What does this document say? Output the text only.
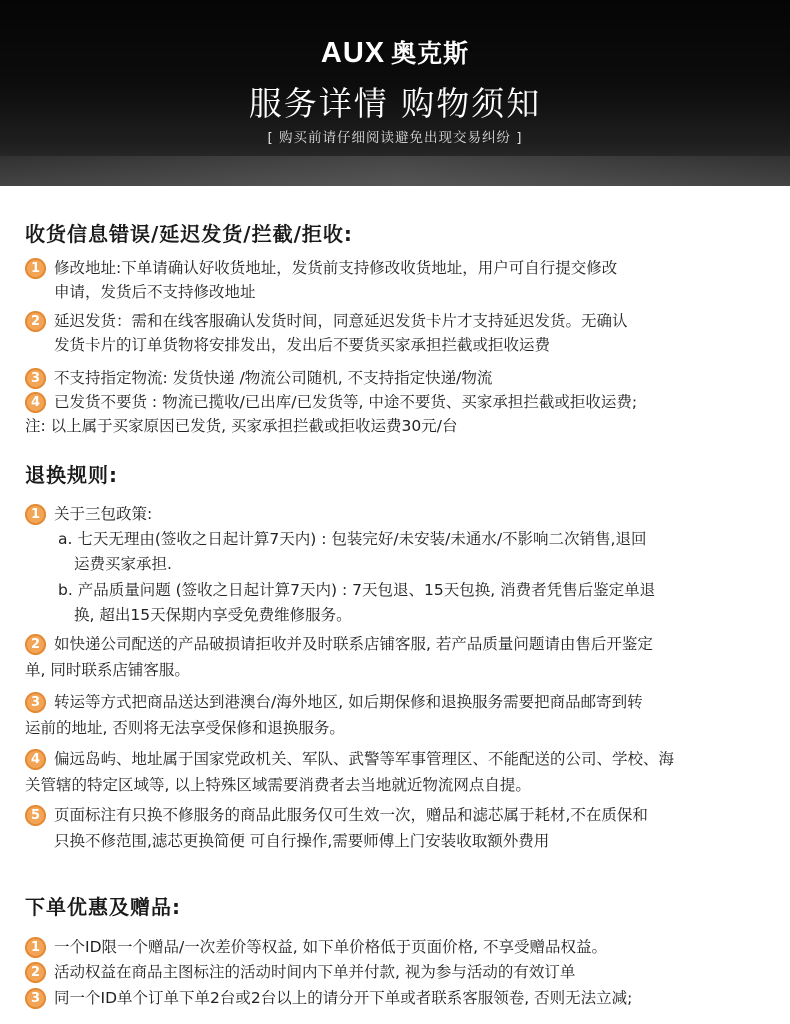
AUX 奥克斯
服务详情 购物须知
[ 购买前请仔细阅读避免出现交易纠纷 ]
收货信息错误/延迟发货/拦截/拒收:
1 修改地址:下单请确认好收货地址，发货前支持修改收货地址，用户可自行提交修改
申请，发货后不支持修改地址
2 延迟发货：需和在线客服确认发货时间，同意延迟发货卡片才支持延迟发货。无确认
发货卡片的订单货物将安排发出，发出后不要货买家承担拦截或拒收运费
3 不支持指定物流: 发货快递 /物流公司随机, 不支持指定快递/物流
4 已发货不要货 : 物流已揽收/已出库/已发货等, 中途不要货、买家承担拦截或拒收运费;
注: 以上属于买家原因已发货, 买家承担拦截或拒收运费30元/台
退换规则:
1 关于三包政策:
a. 七天无理由(签收之日起计算7天内) : 包装完好/未安装/未通水/不影响二次销售,退回
运费买家承担.
b. 产品质量问题 (签收之日起计算7天内) : 7天包退、15天包换, 消费者凭售后鉴定单退
换, 超出15天保期内享受免费维修服务。
2 如快递公司配送的产品破损请拒收并及时联系店铺客服, 若产品质量问题请由售后开鉴定
单, 同时联系店铺客服。
3 转运等方式把商品送达到港澳台/海外地区, 如后期保修和退换服务需要把商品邮寄到转
运前的地址, 否则将无法享受保修和退换服务。
4 偏远岛屿、地址属于国家党政机关、军队、武警等军事管理区、不能配送的公司、学校、海
关管辖的特定区域等, 以上特殊区域需要消费者去当地就近物流网点自提。
5 页面标注有只换不修服务的商品此服务仅可生效一次，赠品和滤芯属于耗材,不在质保和
只换不修范围,滤芯更换简便 可自行操作,需要师傅上门安装收取额外费用
下单优惠及赠品:
1 一个ID限一个赠品/一次差价等权益, 如下单价格低于页面价格, 不享受赠品权益。
2 活动权益在商品主图标注的活动时间内下单并付款, 视为参与活动的有效订单
3 同一个ID单个订单下单2台或2台以上的请分开下单或者联系客服领卷, 否则无法立减;
